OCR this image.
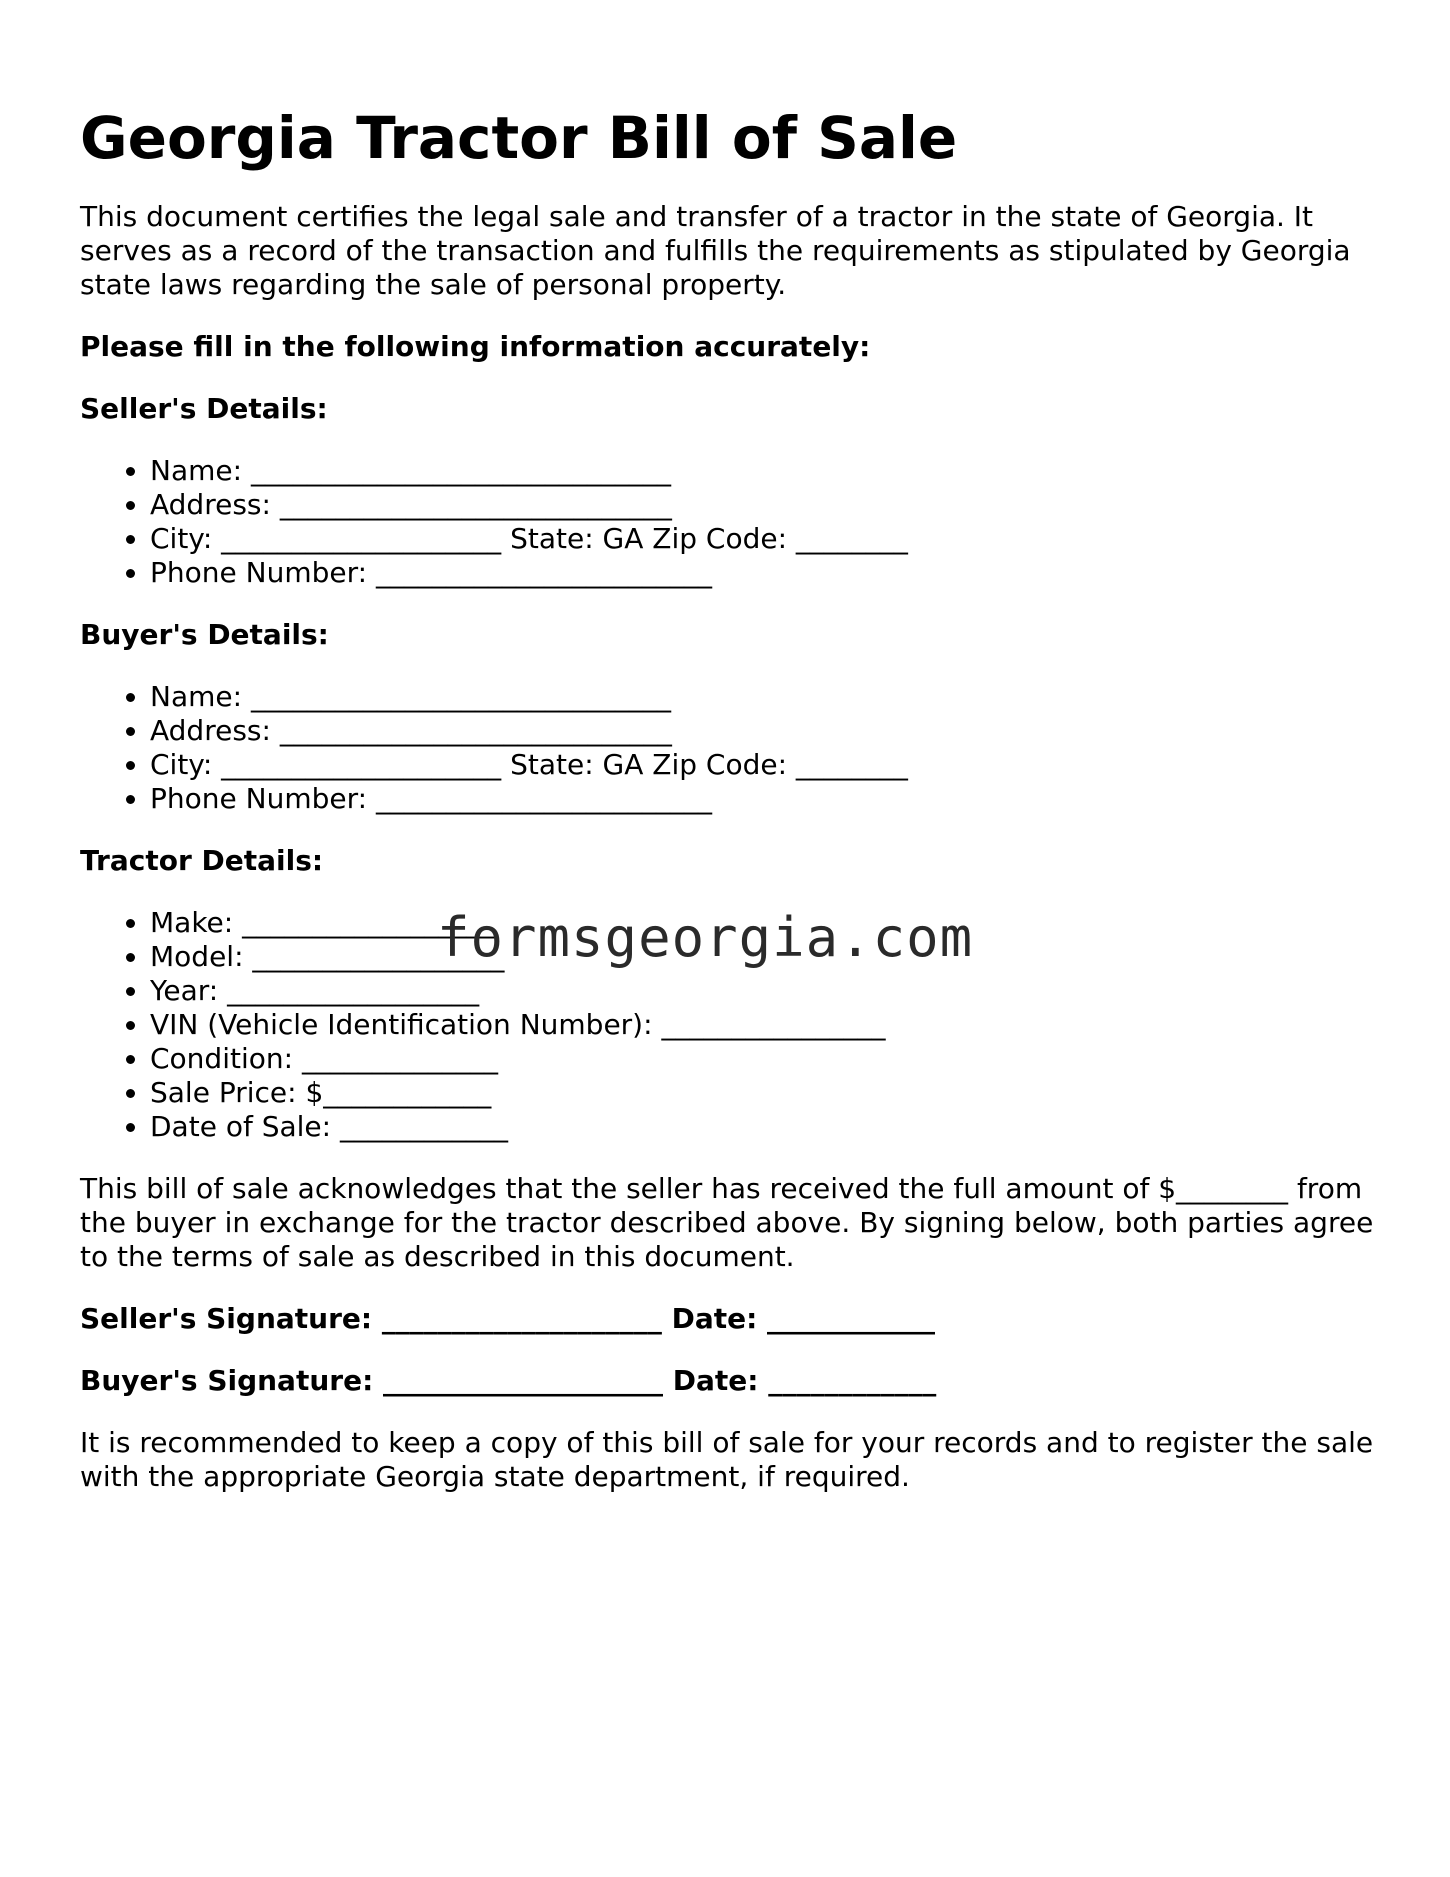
Georgia Tractor Bill of Sale

This document certifies the legal sale and transfer of a tractor in the state of Georgia. It serves as a record of the transaction and fulfills the requirements as stipulated by Georgia state laws regarding the sale of personal property.

Please fill in the following information accurately:

Seller's Details:

• Name: ______________________________
• Address: ____________________________
• City: ____________________ State: GA Zip Code: ________
• Phone Number: ________________________

Buyer's Details:

• Name: ______________________________
• Address: ____________________________
• City: ____________________ State: GA Zip Code: ________
• Phone Number: ________________________

Tractor Details:

• Make: __________________
• Model: __________________
• Year: __________________
• VIN (Vehicle Identification Number): ________________
• Condition: ______________
• Sale Price: $____________
• Date of Sale: ____________

This bill of sale acknowledges that the seller has received the full amount of $________ from the buyer in exchange for the tractor described above. By signing below, both parties agree to the terms of sale as described in this document.

Seller's Signature: ____________________ Date: ____________

Buyer's Signature: ____________________ Date: ____________

It is recommended to keep a copy of this bill of sale for your records and to register the sale with the appropriate Georgia state department, if required.

formsgeorgia.com
